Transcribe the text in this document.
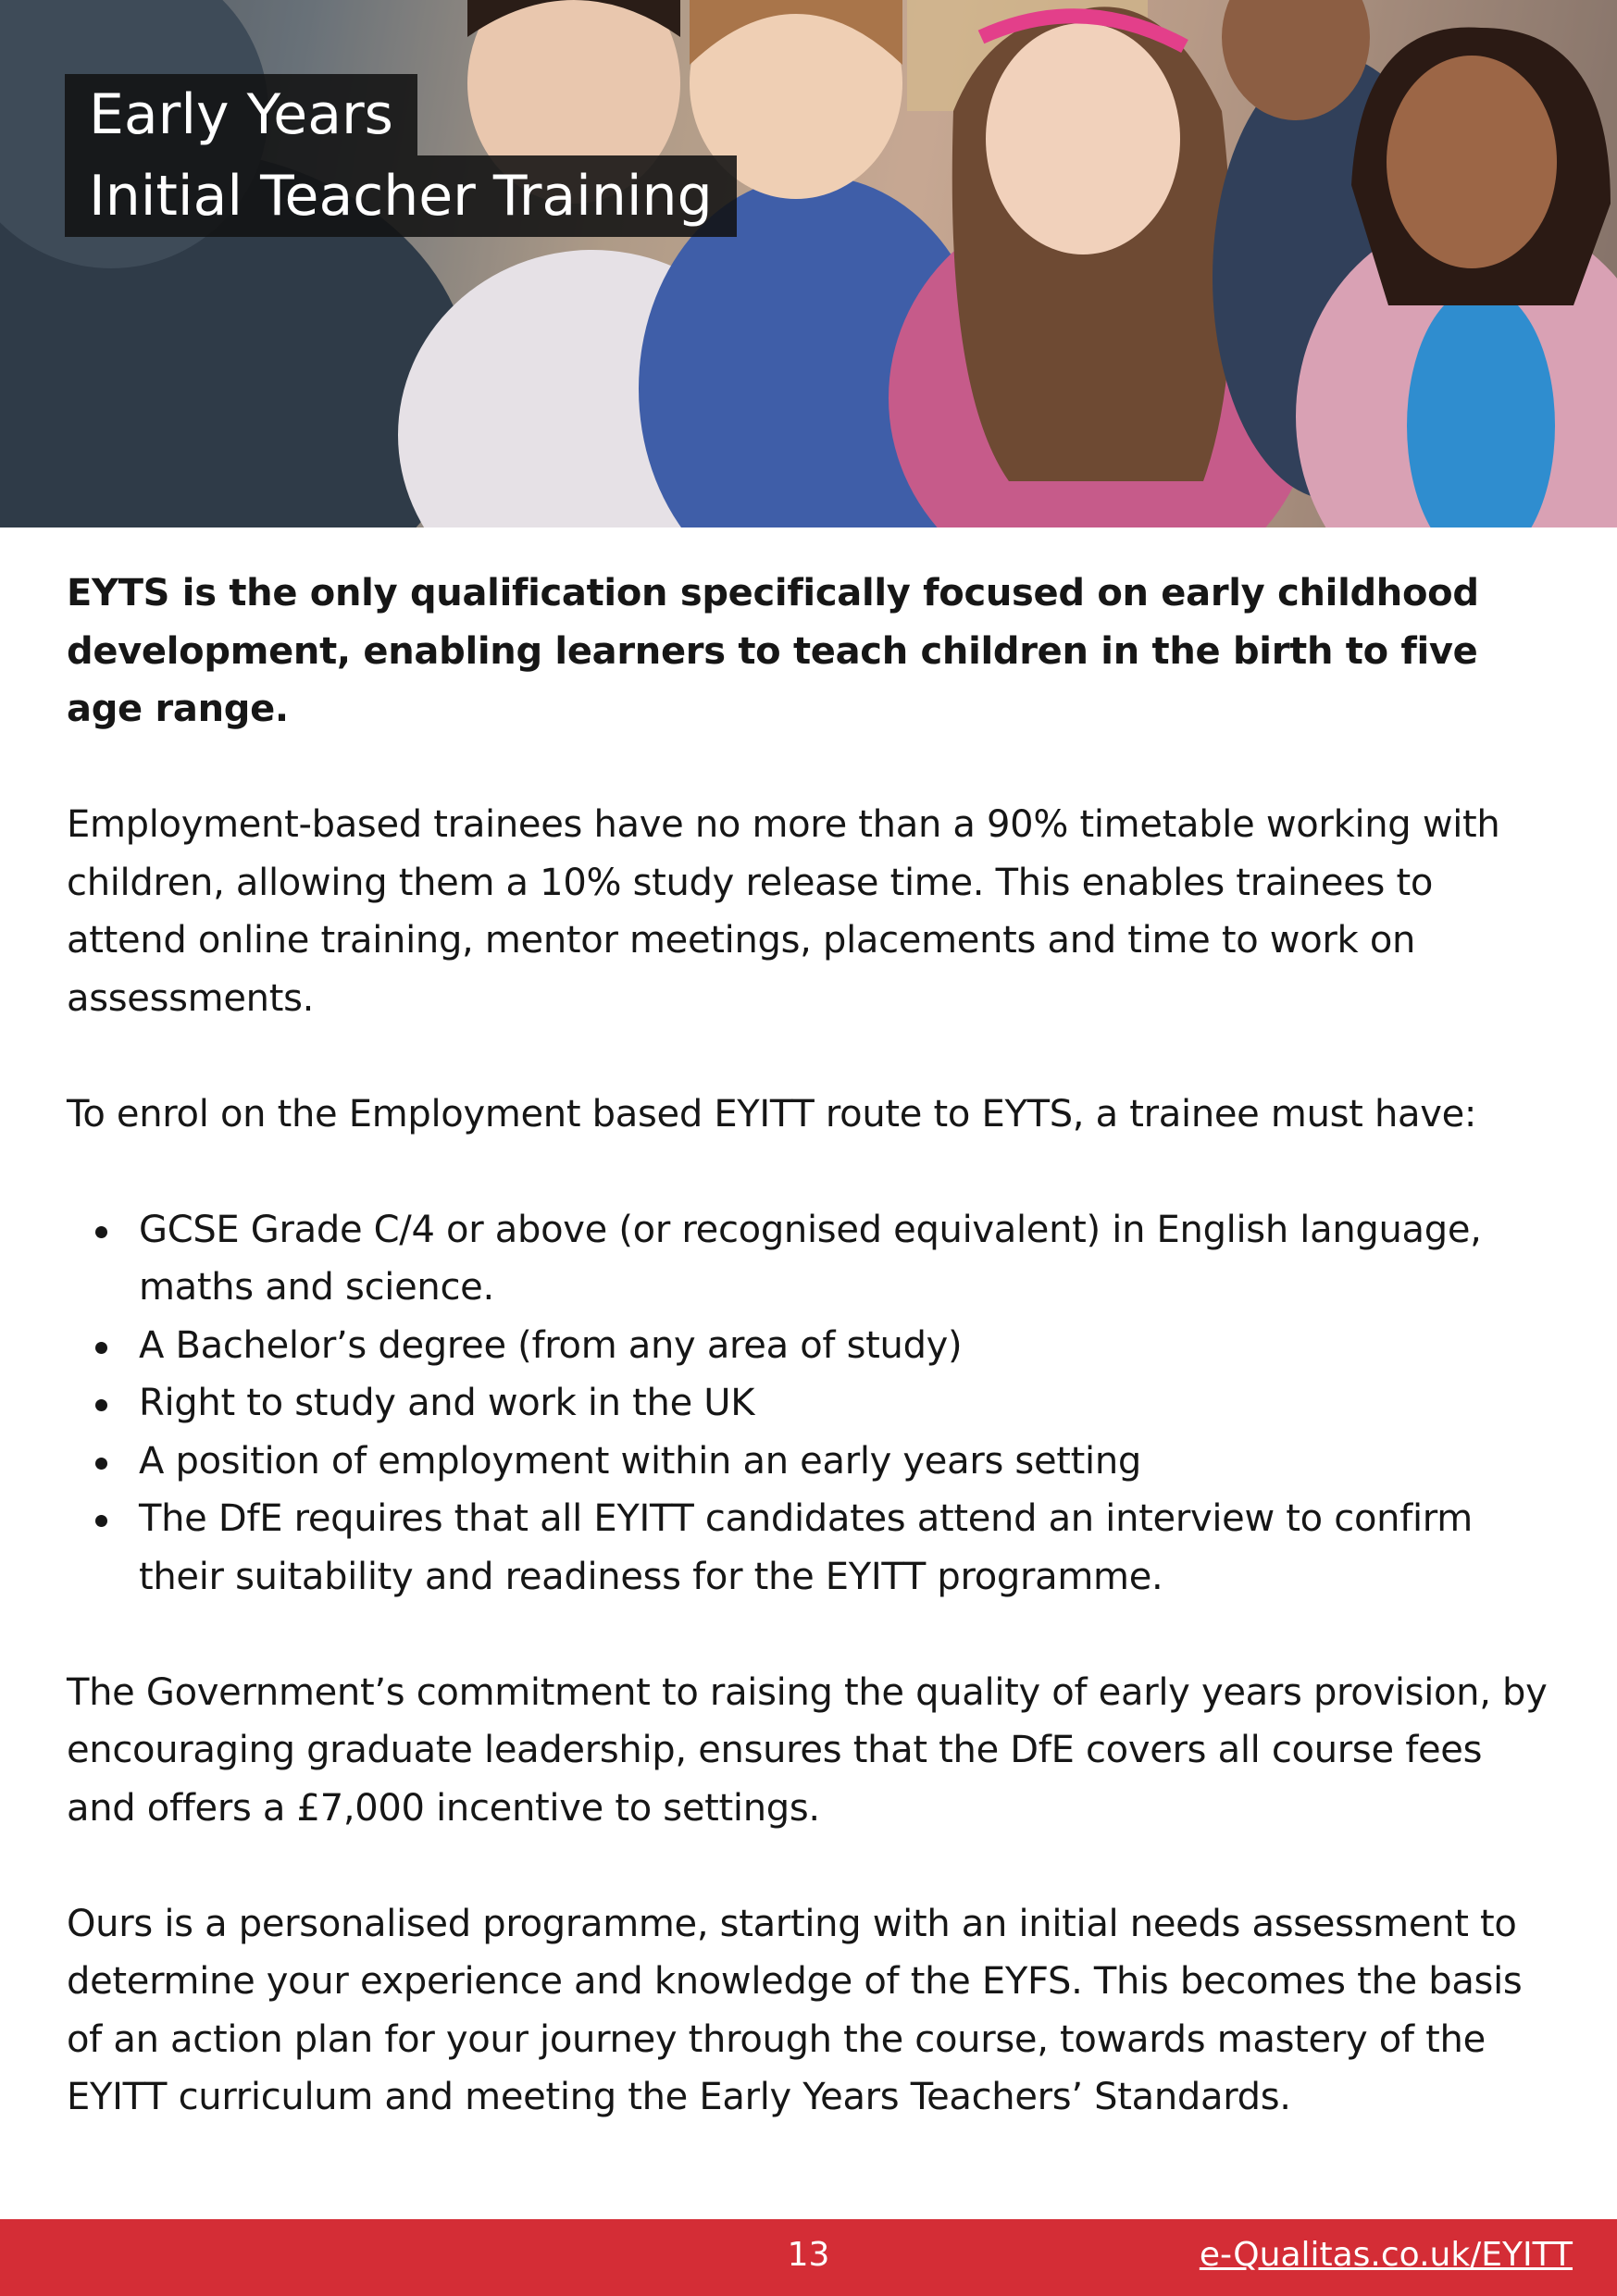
Early Years
Initial Teacher Training

EYTS is the only qualification specifically focused on early childhood development, enabling learners to teach children in the birth to five age range.

Employment-based trainees have no more than a 90% timetable working with children, allowing them a 10% study release time. This enables trainees to attend online training, mentor meetings, placements and time to work on assessments.

To enrol on the Employment based EYITT route to EYTS, a trainee must have:

GCSE Grade C/4 or above (or recognised equivalent) in English language, maths and science.
A Bachelor’s degree (from any area of study)
Right to study and work in the UK
A position of employment within an early years setting
The DfE requires that all EYITT candidates attend an interview to confirm their suitability and readiness for the EYITT programme.

The Government’s commitment to raising the quality of early years provision, by encouraging graduate leadership, ensures that the DfE covers all course fees and offers a £7,000 incentive to settings.

Ours is a personalised programme, starting with an initial needs assessment to determine your experience and knowledge of the EYFS. This becomes the basis of an action plan for your journey through the course, towards mastery of the EYITT curriculum and meeting the Early Years Teachers’ Standards.

13	e-Qualitas.co.uk/EYITT
